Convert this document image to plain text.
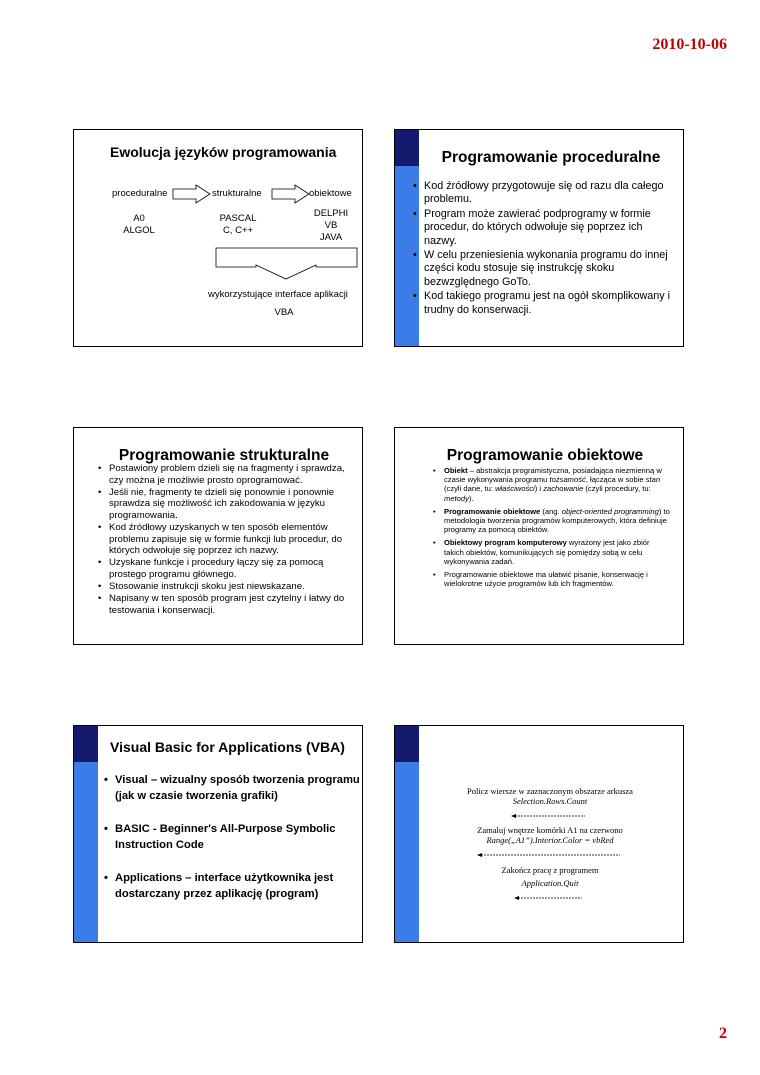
2010-10-06
Ewolucja języków programowania
proceduralne	strukturalne	obiektowe
A0
ALGOL
PASCAL
C, C++
DELPHI
VB
JAVA
wykorzystujące interface aplikacji
VBA
Programowanie proceduralne
• Kod źródłowy przygotowuje się od razu dla całego problemu.
• Program może zawierać podprogramy w formie procedur, do których odwołuje się poprzez ich nazwy.
• W celu przeniesienia wykonania programu do innej części kodu stosuje się instrukcję skoku bezwzględnego GoTo.
• Kod takiego programu jest na ogół skomplikowany i trudny do konserwacji.
Programowanie strukturalne
• Postawiony problem dzieli się na fragmenty i sprawdza, czy można je możliwie prosto oprogramować.
• Jeśli nie, fragmenty te dzieli się ponownie i ponownie sprawdza się możliwość ich zakodowania w języku programowania.
• Kod źródłowy uzyskanych w ten sposób elementów problemu zapisuje się w formie funkcji lub procedur, do których odwołuje się poprzez ich nazwy.
• Uzyskane funkcje i procedury łączy się za pomocą prostego programu głównego.
• Stosowanie instrukcji skoku jest niewskazane.
• Napisany w ten sposób program jest czytelny i łatwy do testowania i konserwacji.
Programowanie obiektowe
• Obiekt – abstrakcja programistyczna, posiadająca niezmienną w czasie wykonywania programu tożsamość, łącząca w sobie stan (czyli dane, tu: właściwości) i zachowanie (czyli procedury, tu: metody).
• Programowanie obiektowe (ang. object-oriented programming) to metodologia tworzenia programów komputerowych, która definiuje programy za pomocą obiektów.
• Obiektowy program komputerowy wyrażony jest jako zbiór takich obiektów, komunikujących się pomiędzy sobą w celu wykonywania zadań.
• Programowanie obiektowe ma ułatwić pisanie, konserwację i wielokrotne użycie programów lub ich fragmentów.
Visual Basic for Applications (VBA)
• Visual – wizualny sposób tworzenia programu (jak w czasie tworzenia grafiki)
• BASIC - Beginner's All-Purpose Symbolic Instruction Code
• Applications – interface użytkownika jest dostarczany przez aplikację (program)
Policz wiersze w zaznaczonym obszarze arkusza
Selection.Rows.Count
Zamaluj wnętrze komórki A1 na czerwono
Range(„A1”).Interior.Color = vbRed
Zakończ pracę z programem
Application.Quit
2
